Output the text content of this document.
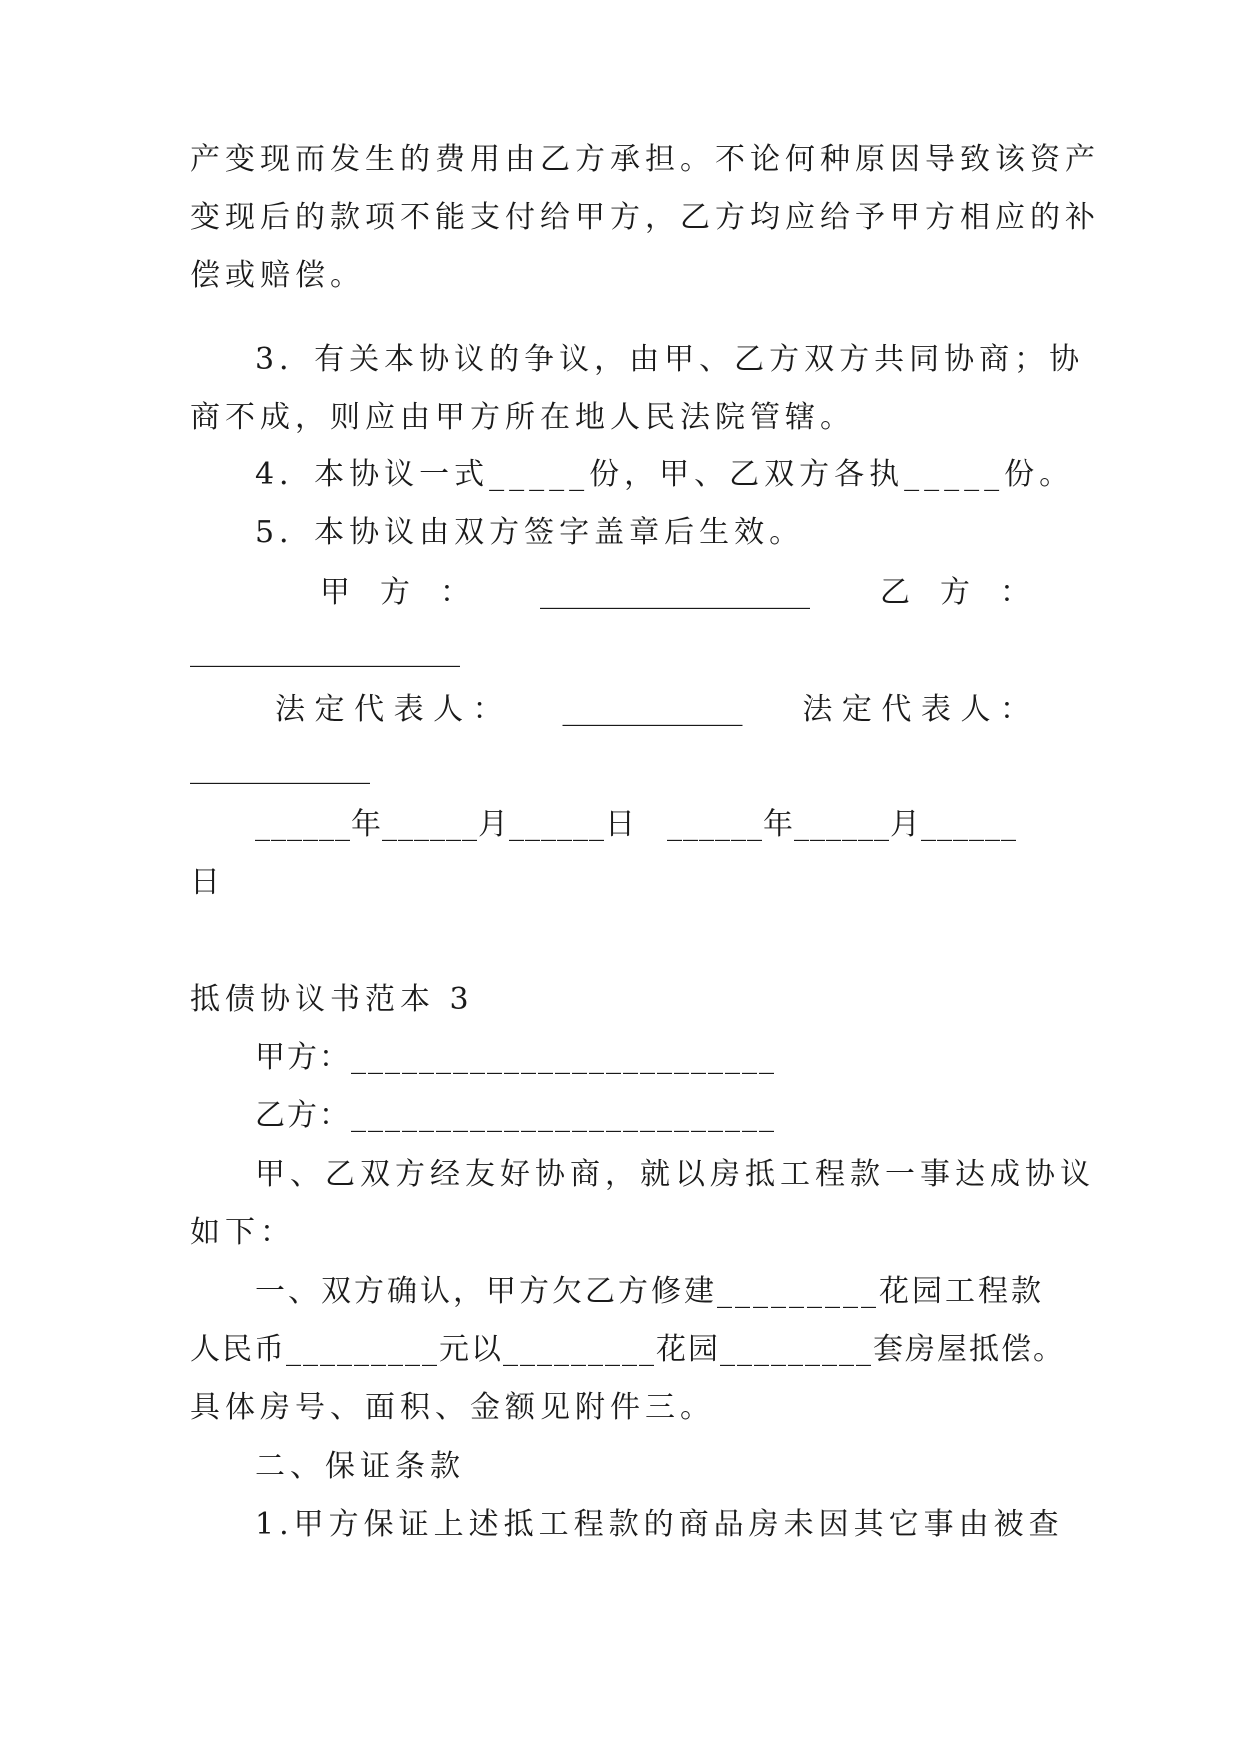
产变现而发生的费用由乙方承担。不论何种原因导致该资产
变现后的款项不能支付给甲方，乙方均应给予甲方相应的补
偿或赔偿。
3．有关本协议的争议，由甲、乙方双方共同协商；协
商不成，则应由甲方所在地人民法院管辖。
4．本协议一式_____份，甲、乙双方各执_____份。
5．本协议由双方签字盖章后生效。
甲　方　： __________________ 乙　方　：
__________________
法 定 代 表 人 ： ____________ 法 定 代 表 人 ：
____________
______年______月______日　______年______月______
日
抵债协议书范本 3
甲方：_________________________
乙方：_________________________
甲、乙双方经友好协商，就以房抵工程款一事达成协议
如下：
一、双方确认，甲方欠乙方修建_________花园工程款
人民币_________元以_________花园_________套房屋抵偿。
具体房号、面积、金额见附件三。
二、保证条款
1.甲方保证上述抵工程款的商品房未因其它事由被查
